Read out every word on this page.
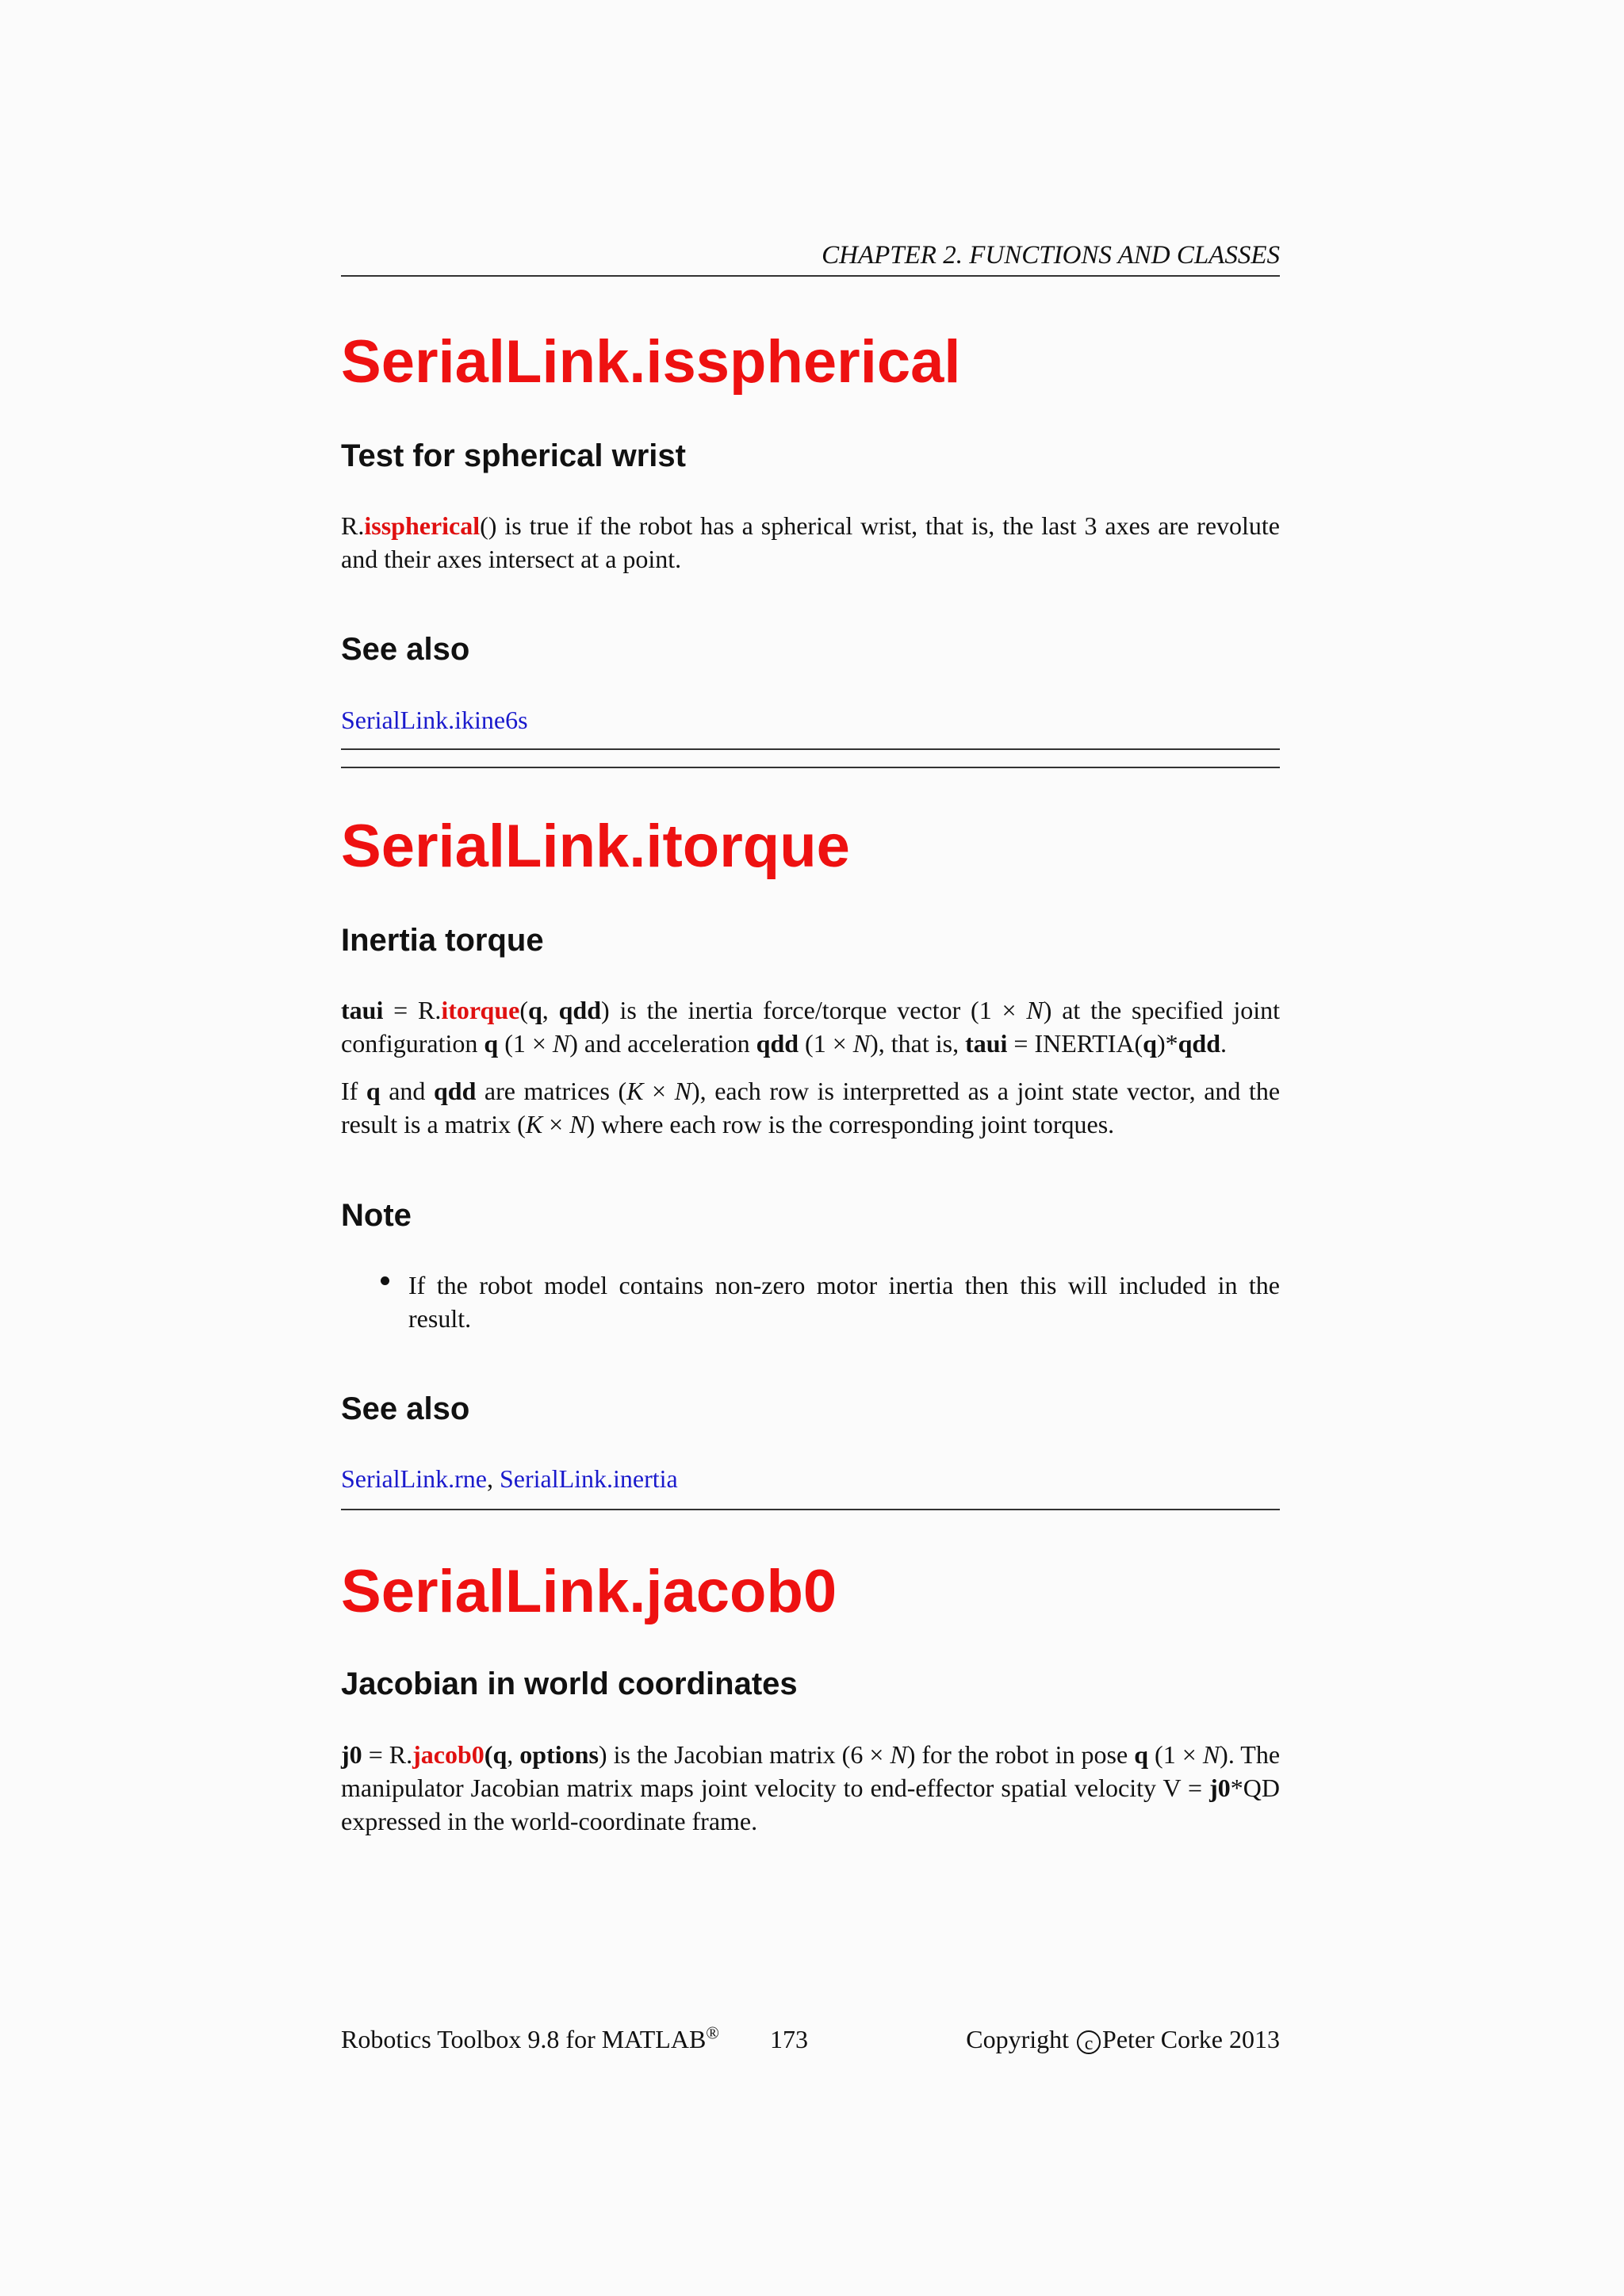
CHAPTER 2. FUNCTIONS AND CLASSES
SerialLink.isspherical
Test for spherical wrist

R.isspherical() is true if the robot has a spherical wrist, that is, the last 3 axes are revolute and their axes intersect at a point.

See also

SerialLink.ikine6s

SerialLink.itorque
Inertia torque

taui = R.itorque(q, qdd) is the inertia force/torque vector (1 × N) at the specified joint configuration q (1 × N) and acceleration qdd (1 × N), that is, taui = INERTIA(q)*qdd.

If q and qdd are matrices (K × N), each row is interpretted as a joint state vector, and the result is a matrix (K × N) where each row is the corresponding joint torques.

Note

If the robot model contains non-zero motor inertia then this will included in the result.

See also

SerialLink.rne, SerialLink.inertia

SerialLink.jacob0
Jacobian in world coordinates

j0 = R.jacob0(q, options) is the Jacobian matrix (6 × N) for the robot in pose q (1 × N). The manipulator Jacobian matrix maps joint velocity to end-effector spatial velocity V = j0*QD expressed in the world-coordinate frame.

Robotics Toolbox 9.8 for MATLAB® 173	Copyright c Peter Corke 2013
